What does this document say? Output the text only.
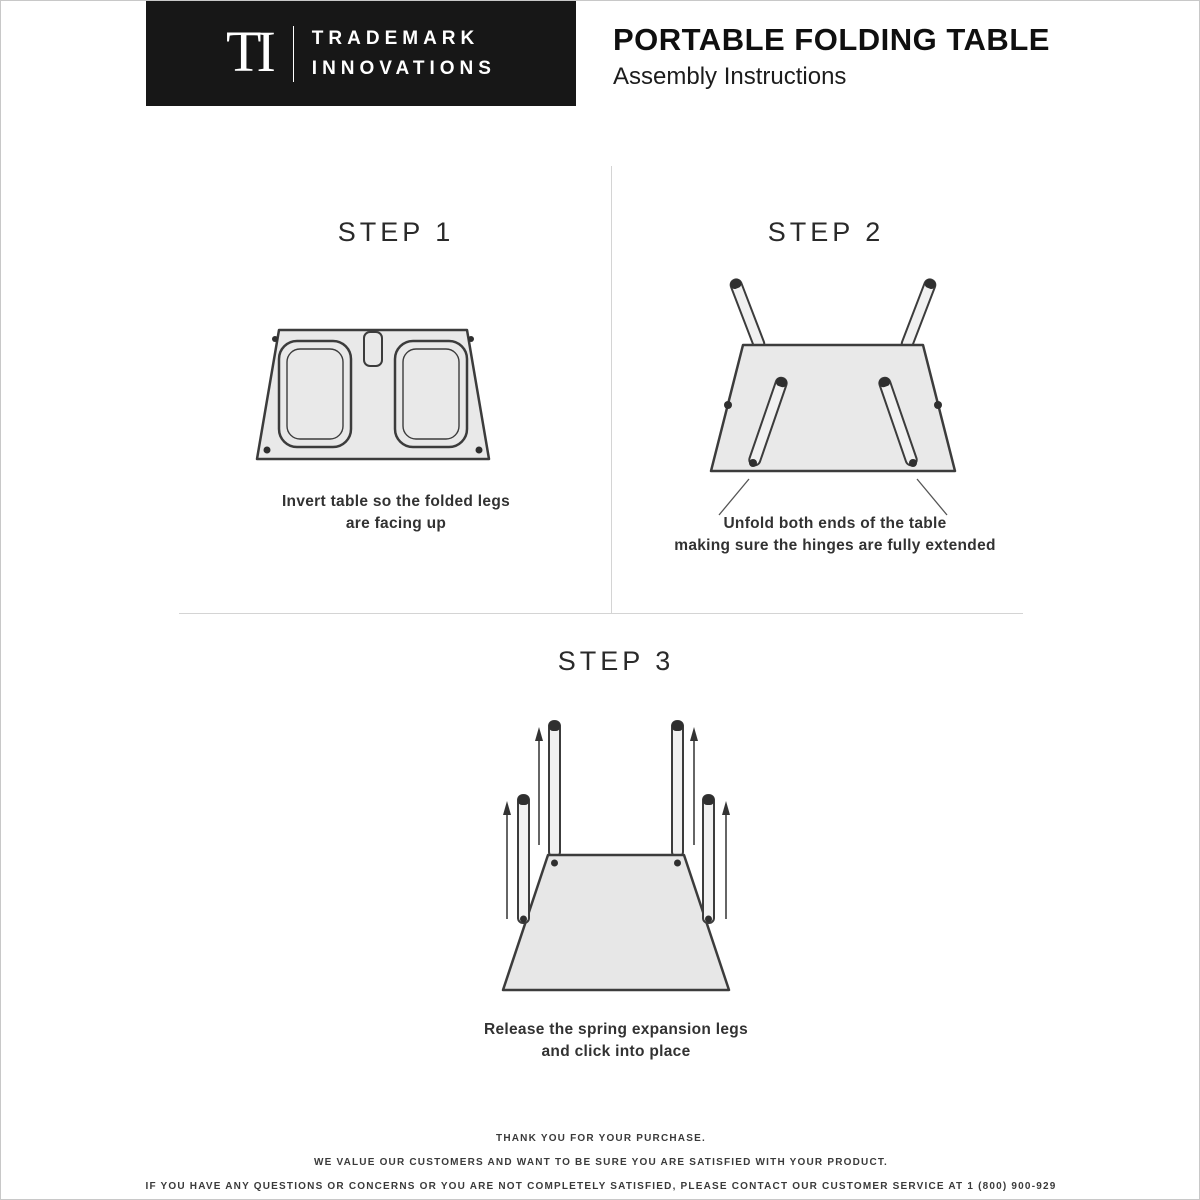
TI TRADEMARK
INNOVATIONS
PORTABLE FOLDING TABLE
Assembly Instructions
STEP 1
Invert table so the folded legs
are facing up
STEP 2
Unfold both ends of the table
making sure the hinges are fully extended
STEP 3
Release the spring expansion legs
and click into place

THANK YOU FOR YOUR PURCHASE.

WE VALUE OUR CUSTOMERS AND WANT TO BE SURE YOU ARE SATISFIED WITH YOUR PRODUCT.

IF YOU HAVE ANY QUESTIONS OR CONCERNS OR YOU ARE NOT COMPLETELY SATISFIED, PLEASE CONTACT OUR CUSTOMER SERVICE AT 1 (800) 900-929
